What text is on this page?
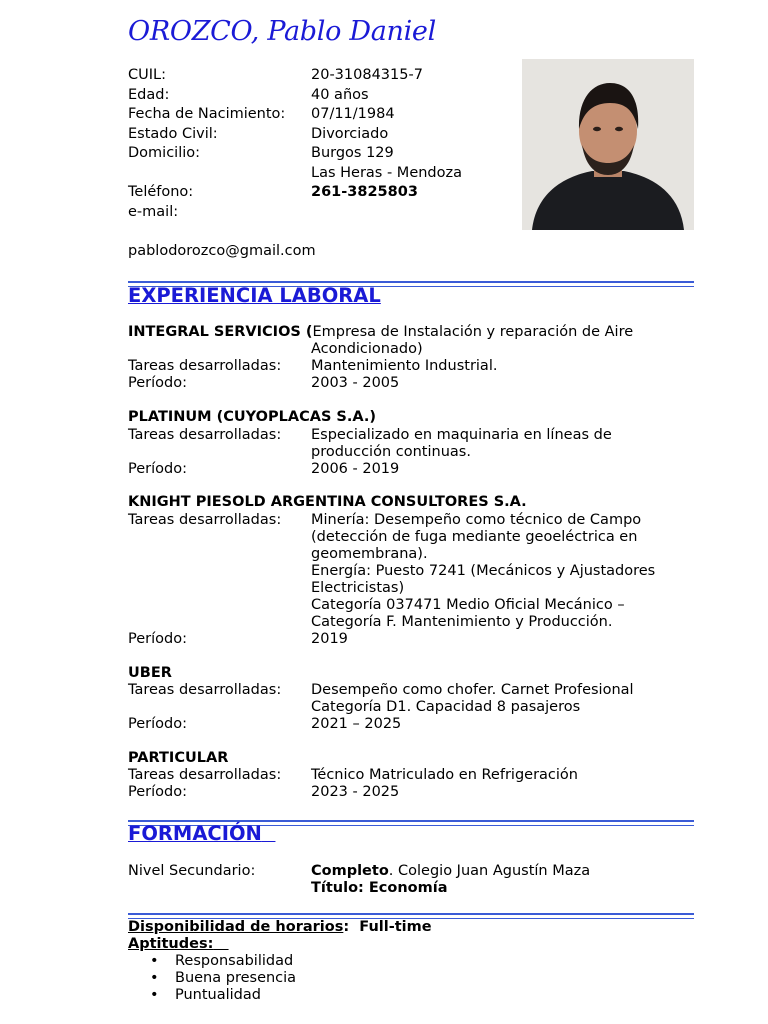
OROZCO, Pablo Daniel
CUIL:	20-31084315-7
Edad:	40 años
Fecha de Nacimiento: 07/11/1984
Estado Civil:	Divorciado
Domicilio:	Burgos 129
Las Heras - Mendoza
Teléfono:	261-3825803
e-mail:
pablodorozco@gmail.com
EXPERIENCIA LABORAL
INTEGRAL SERVICIOS (Empresa de Instalación y reparación de Aire
Acondicionado)
Tareas desarrolladas: Mantenimiento Industrial.
Período:	2003 - 2005
PLATINUM (CUYOPLACAS S.A.)
Tareas desarrolladas: Especializado en maquinaria en líneas de
producción continuas.
Período:	2006 - 2019
KNIGHT PIESOLD ARGENTINA CONSULTORES S.A.
Tareas desarrolladas: Minería: Desempeño como técnico de Campo
(detección de fuga mediante geoeléctrica en
geomembrana).
Energía: Puesto 7241 (Mecánicos y Ajustadores
Electricistas)
Categoría 037471 Medio Oficial Mecánico –
Categoría F. Mantenimiento y Producción.
Período:	2019
UBER
Tareas desarrolladas: Desempeño como chofer. Carnet Profesional
Categoría D1. Capacidad 8 pasajeros
Período:	2021 – 2025
PARTICULAR
Tareas desarrolladas: Técnico Matriculado en Refrigeración
Período:	2023 - 2025
FORMACIÓN
Nivel Secundario:	Completo. Colegio Juan Agustín Maza
Título: Economía
Disponibilidad de horarios: Full-time
Aptitudes:
• Responsabilidad
• Buena presencia
• Puntualidad
